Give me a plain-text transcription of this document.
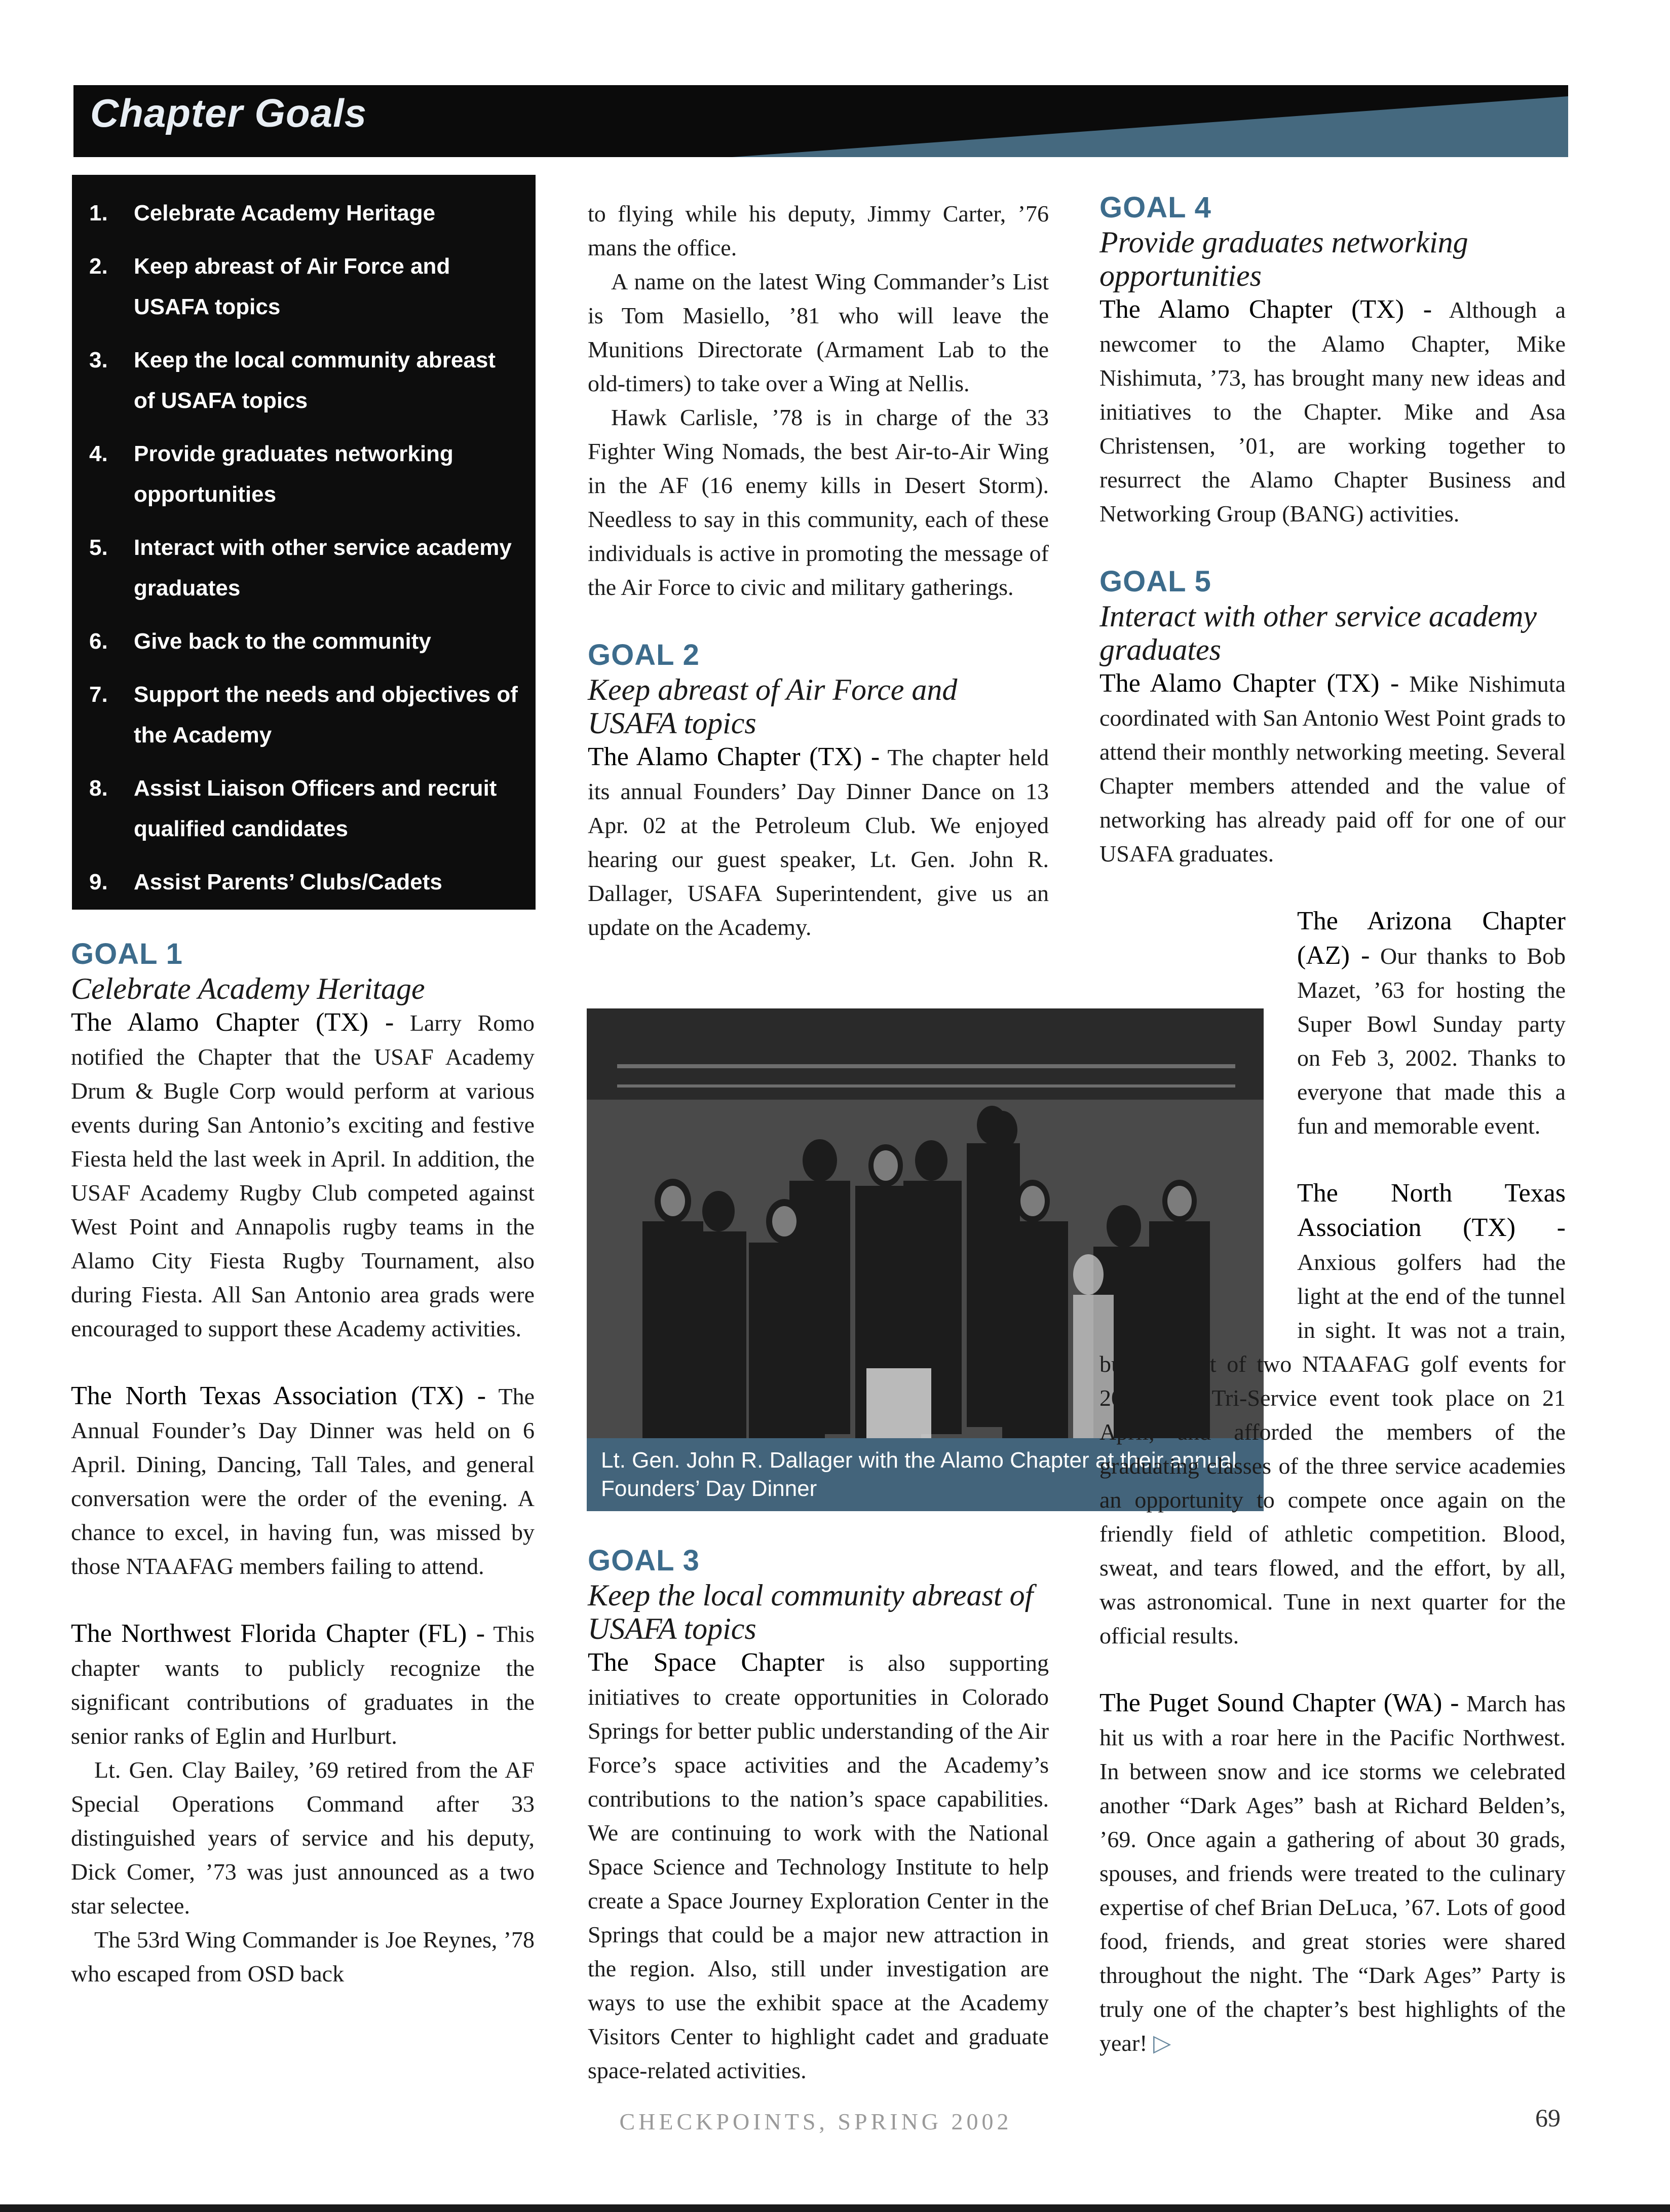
Chapter Goals
1.	Celebrate Academy Heritage
2.	Keep abreast of Air Force and USAFA topics
3.	Keep the local community abreast of USAFA topics
4.	Provide graduates networking opportunities
5.	Interact with other service academy graduates
6.	Give back to the community
7.	Support the needs and objectives of the Academy
8.	Assist Liaison Officers and recruit qualified candidates
9.	Assist Parents’ Clubs/Cadets
GOAL 1
Celebrate Academy Heritage

The Alamo Chapter (TX) - Larry Romo notified the Chapter that the USAF Academy Drum & Bugle Corp would perform at various events during San Antonio’s exciting and festive Fiesta held the last week in April. In addition, the USAF Academy Rugby Club competed against West Point and Annapolis rugby teams in the Alamo City Fiesta Rugby Tournament, also during Fiesta. All San Antonio area grads were encouraged to support these Academy activities.

The North Texas Association (TX) - The Annual Founder’s Day Dinner was held on 6 April. Dining, Dancing, Tall Tales, and general conversation were the order of the evening. A chance to excel, in having fun, was missed by those NTAAFAG members failing to attend.

The Northwest Florida Chapter (FL) - This chapter wants to publicly recognize the significant contributions of graduates in the senior ranks of Eglin and Hurlburt.

Lt. Gen. Clay Bailey, ’69 retired from the AF Special Operations Command after 33 distinguished years of service and his deputy, Dick Comer, ’73 was just announced as a two star selectee.

The 53rd Wing Commander is Joe Reynes, ’78 who escaped from OSD back

to flying while his deputy, Jimmy Carter, ’76 mans the office.

A name on the latest Wing Commander’s List is Tom Masiello, ’81 who will leave the Munitions Directorate (Armament Lab to the old-timers) to take over a Wing at Nellis.

Hawk Carlisle, ’78 is in charge of the 33 Fighter Wing Nomads, the best Air-to-Air Wing in the AF (16 enemy kills in Desert Storm). Needless to say in this community, each of these individuals is active in promoting the message of the Air Force to civic and military gatherings.

GOAL 2
Keep abreast of Air Force and USAFA topics

The Alamo Chapter (TX) - The chapter held its annual Founders’ Day Dinner Dance on 13 Apr. 02 at the Petroleum Club. We enjoyed hearing our guest speaker, Lt. Gen. John R. Dallager, USAFA Superintendent, give us an update on the Academy.

Lt. Gen. John R. Dallager with the Alamo Chapter at their annual Founders’ Day Dinner
GOAL 3
Keep the local community abreast of USAFA topics

The Space Chapter is also supporting initiatives to create opportunities in Colorado Springs for better public understanding of the Air Force’s space activities and the Academy’s contributions to the nation’s space capabilities. We are continuing to work with the National Space Science and Technology Institute to help create a Space Journey Exploration Center in the Springs that could be a major new attraction in the region. Also, still under investigation are ways to use the exhibit space at the Academy Visitors Center to highlight cadet and graduate space-related activities.

GOAL 4
Provide graduates networking opportunities

The Alamo Chapter (TX) - Although a newcomer to the Alamo Chapter, Mike Nishimuta, ’73, has brought many new ideas and initiatives to the Chapter. Mike and Asa Christensen, ’01, are working together to resurrect the Alamo Chapter Business and Networking Group (BANG) activities.

GOAL 5
Interact with other service academy graduates

The Alamo Chapter (TX) - Mike Nishimuta coordinated with San Antonio West Point grads to attend their monthly networking meeting. Several Chapter members attended and the value of networking has already paid off for one of our USAFA graduates.

The Arizona Chapter (AZ) - Our thanks to Bob Mazet, ’63 for hosting the Super Bowl Sunday party on Feb 3, 2002. Thanks to everyone that made this a fun and memorable event.

The North Texas Association (TX) - Anxious golfers had the light at the end of the tunnel in sight. It was not a train, but the first of two NTAAFAG golf events for 2002. The Tri-Service event took place on 21 April, and afforded the members of the graduating classes of the three service academies an opportunity to compete once again on the friendly field of athletic competition. Blood, sweat, and tears flowed, and the effort, by all, was astronomical. Tune in next quarter for the official results.

The Puget Sound Chapter (WA) - March has hit us with a roar here in the Pacific Northwest. In between snow and ice storms we celebrated another “Dark Ages” bash at Richard Belden’s, ’69. Once again a gathering of about 30 grads, spouses, and friends were treated to the culinary expertise of chef Brian DeLuca, ’67. Lots of good food, friends, and great stories were shared throughout the night. The “Dark Ages” Party is truly one of the chapter’s best highlights of the year! ▷

CHECKPOINTS, SPRING 2002	69
